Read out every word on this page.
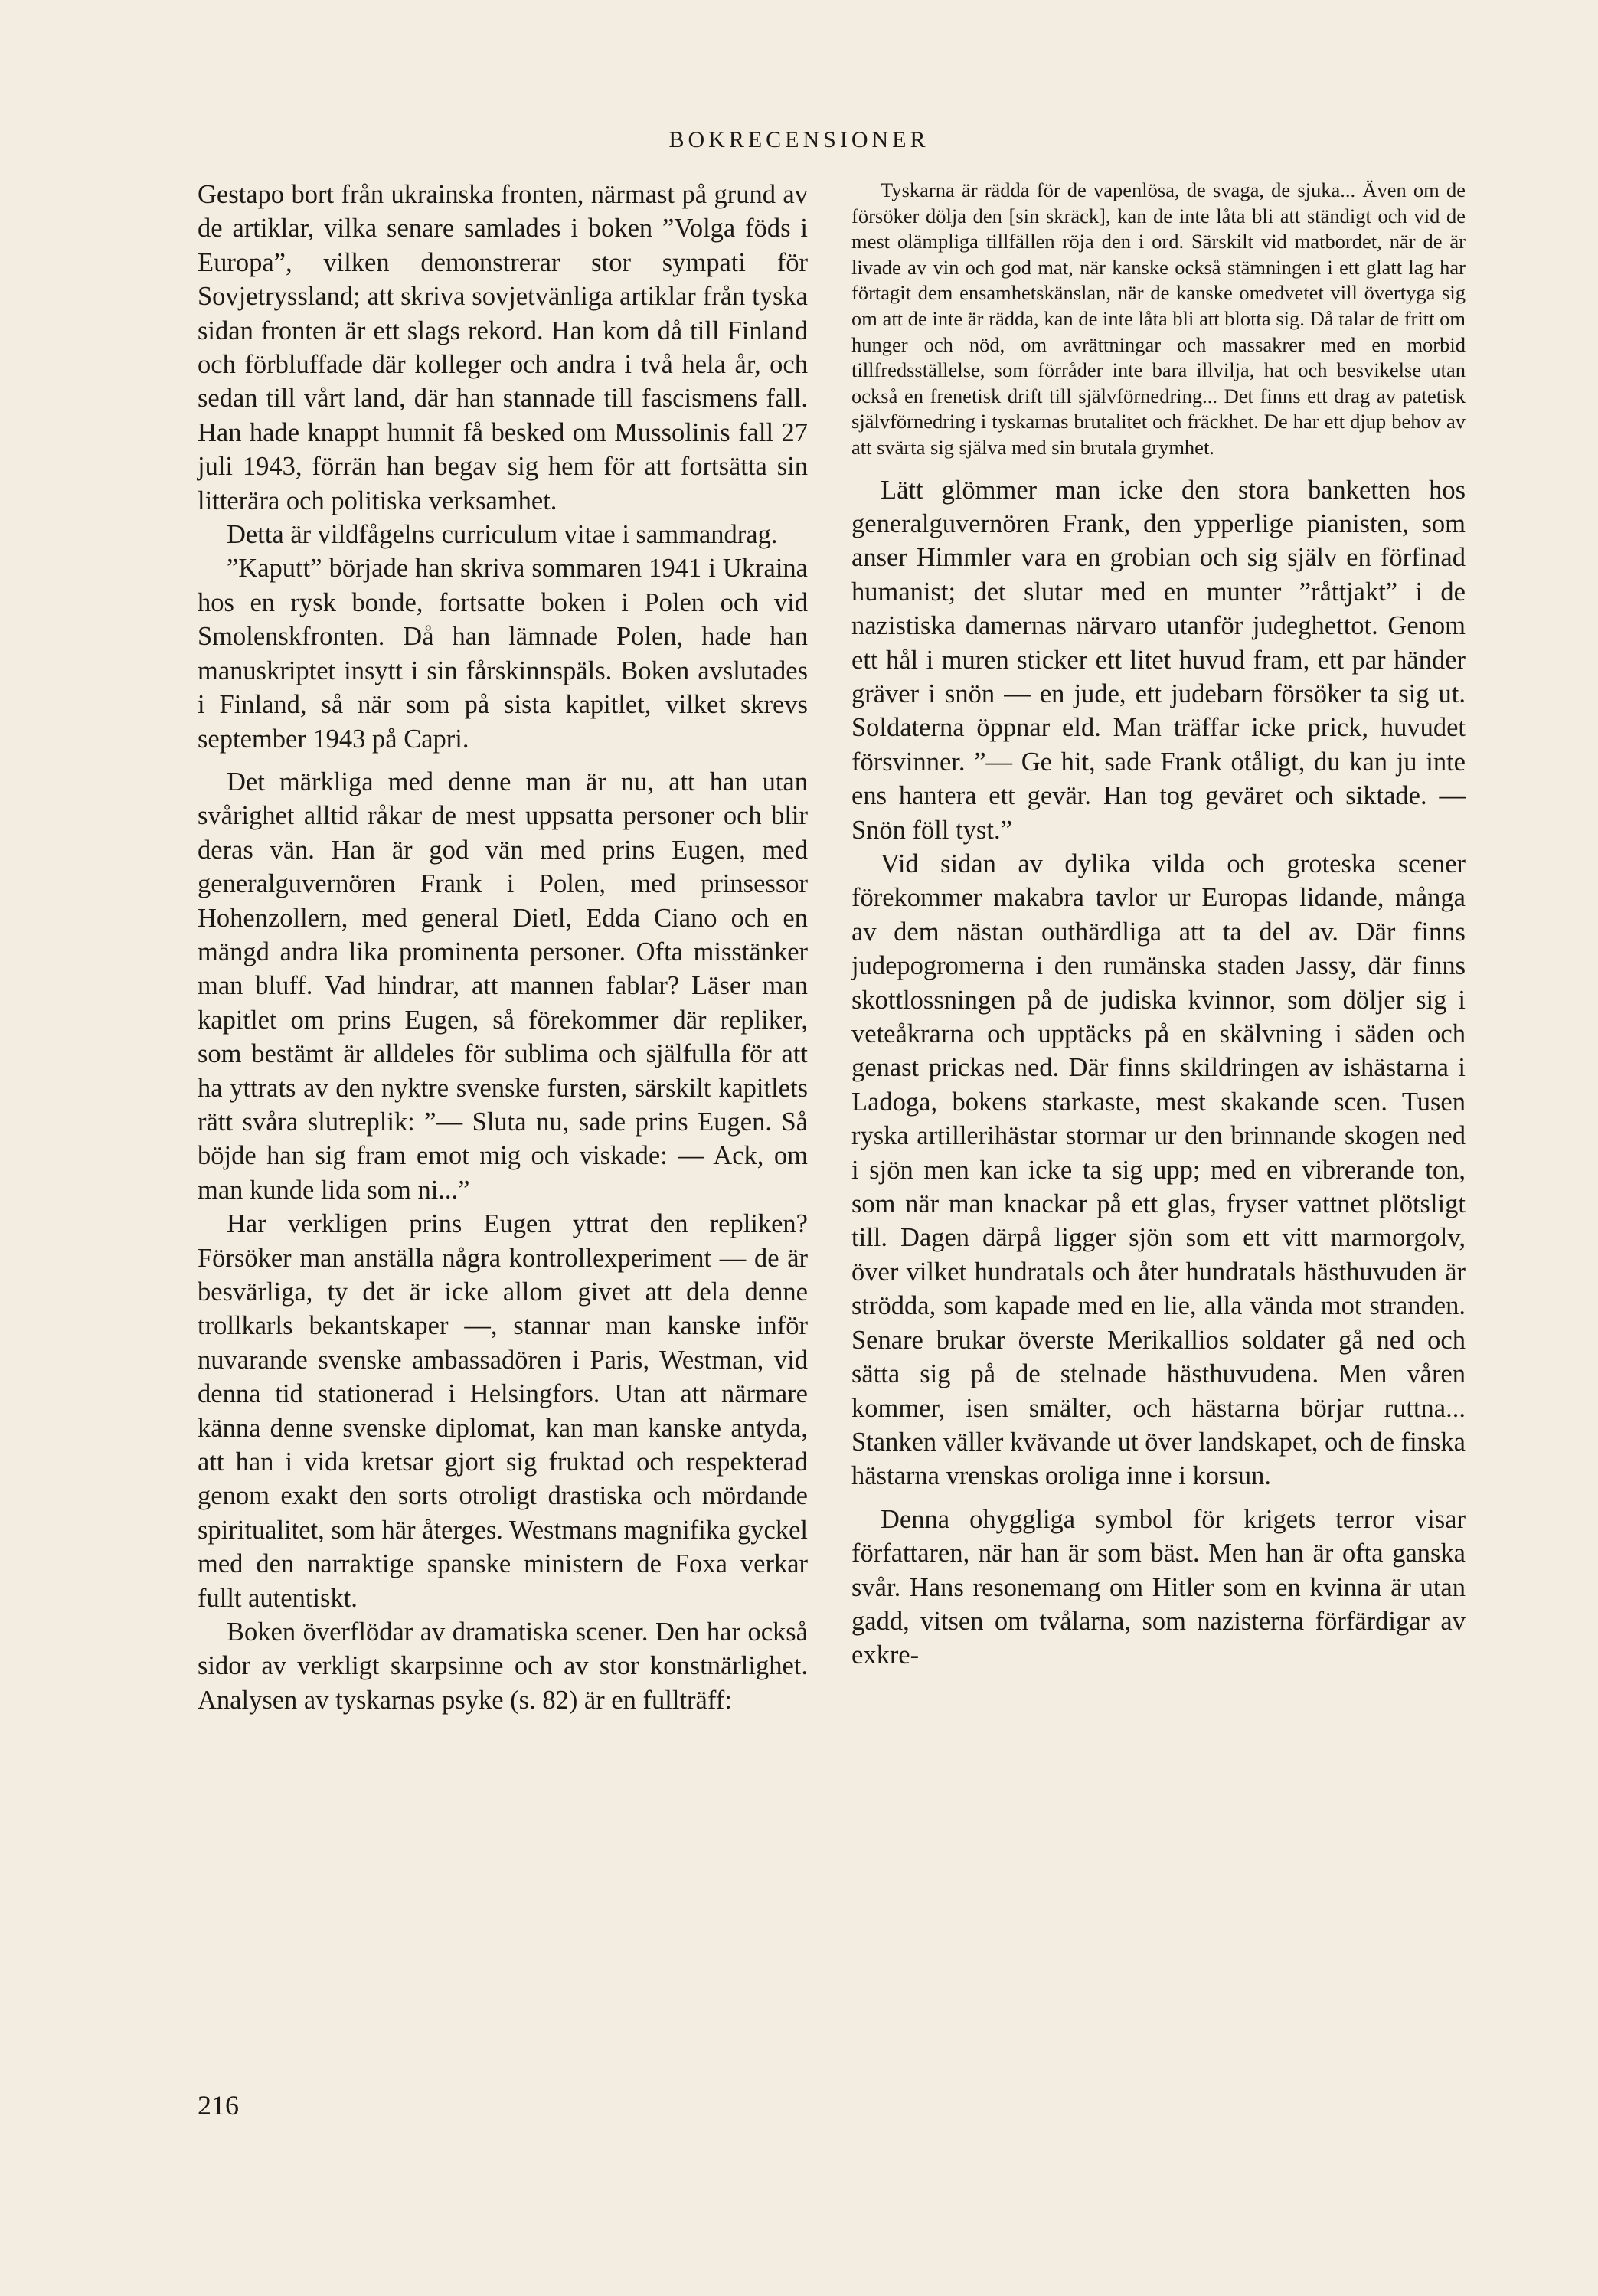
BOKRECENSIONER

Gestapo bort från ukrainska fronten, närmast på grund av de artiklar, vilka senare samlades i boken ”Volga föds i Europa”, vilken demonstrerar stor sympati för Sovjetryssland; att skriva sovjetvänliga artiklar från tyska sidan fronten är ett slags rekord. Han kom då till Finland och förbluffade där kolleger och andra i två hela år, och sedan till vårt land, där han stannade till fascismens fall. Han hade knappt hunnit få besked om Mussolinis fall 27 juli 1943, förrän han begav sig hem för att fortsätta sin litterära och politiska verksamhet.

Detta är vildfågelns curriculum vitae i sammandrag.

”Kaputt” började han skriva sommaren 1941 i Ukraina hos en rysk bonde, fortsatte boken i Polen och vid Smolenskfronten. Då han lämnade Polen, hade han manuskriptet insytt i sin fårskinnspäls. Boken avslutades i Finland, så när som på sista kapitlet, vilket skrevs september 1943 på Capri.

Det märkliga med denne man är nu, att han utan svårighet alltid råkar de mest uppsatta personer och blir deras vän. Han är god vän med prins Eugen, med generalguvernören Frank i Polen, med prinsessor Hohenzollern, med general Dietl, Edda Ciano och en mängd andra lika prominenta personer. Ofta misstänker man bluff. Vad hindrar, att mannen fablar? Läser man kapitlet om prins Eugen, så förekommer där repliker, som bestämt är alldeles för sublima och själfulla för att ha yttrats av den nyktre svenske fursten, särskilt kapitlets rätt svåra slutreplik: ”— Sluta nu, sade prins Eugen. Så böjde han sig fram emot mig och viskade: — Ack, om man kunde lida som ni...”

Har verkligen prins Eugen yttrat den repliken? Försöker man anställa några kontrollexperiment — de är besvärliga, ty det är icke allom givet att dela denne trollkarls bekantskaper —, stannar man kanske inför nuvarande svenske ambassadören i Paris, Westman, vid denna tid stationerad i Helsingfors. Utan att närmare känna denne svenske diplomat, kan man kanske antyda, att han i vida kretsar gjort sig fruktad och respekterad genom exakt den sorts otroligt drastiska och mördande spiritualitet, som här återges. Westmans magnifika gyckel med den narraktige spanske ministern de Foxa verkar fullt autentiskt.

Boken överflödar av dramatiska scener. Den har också sidor av verkligt skarpsinne och av stor konstnärlighet. Analysen av tyskarnas psyke (s. 82) är en fullträff:

Tyskarna är rädda för de vapenlösa, de svaga, de sjuka... Även om de försöker dölja den [sin skräck], kan de inte låta bli att ständigt och vid de mest olämpliga tillfällen röja den i ord. Särskilt vid matbordet, när de är livade av vin och god mat, när kanske också stämningen i ett glatt lag har förtagit dem ensamhetskänslan, när de kanske omedvetet vill övertyga sig om att de inte är rädda, kan de inte låta bli att blotta sig. Då talar de fritt om hunger och nöd, om avrättningar och massakrer med en morbid tillfredsställelse, som förråder inte bara illvilja, hat och besvikelse utan också en frenetisk drift till självförnedring... Det finns ett drag av patetisk självförnedring i tyskarnas brutalitet och fräckhet. De har ett djup behov av att svärta sig själva med sin brutala grymhet.

Lätt glömmer man icke den stora banketten hos generalguvernören Frank, den ypperlige pianisten, som anser Himmler vara en grobian och sig själv en förfinad humanist; det slutar med en munter ”råttjakt” i de nazistiska damernas närvaro utanför judeghettot. Genom ett hål i muren sticker ett litet huvud fram, ett par händer gräver i snön — en jude, ett judebarn försöker ta sig ut. Soldaterna öppnar eld. Man träffar icke prick, huvudet försvinner. ”— Ge hit, sade Frank otåligt, du kan ju inte ens hantera ett gevär. Han tog geväret och siktade. — Snön föll tyst.”

Vid sidan av dylika vilda och groteska scener förekommer makabra tavlor ur Europas lidande, många av dem nästan outhärdliga att ta del av. Där finns judepogromerna i den rumänska staden Jassy, där finns skottlossningen på de judiska kvinnor, som döljer sig i veteåkrarna och upptäcks på en skälvning i säden och genast prickas ned. Där finns skildringen av ishästarna i Ladoga, bokens starkaste, mest skakande scen. Tusen ryska artillerihästar stormar ur den brinnande skogen ned i sjön men kan icke ta sig upp; med en vibrerande ton, som när man knackar på ett glas, fryser vattnet plötsligt till. Dagen därpå ligger sjön som ett vitt marmorgolv, över vilket hundratals och åter hundratals hästhuvuden är strödda, som kapade med en lie, alla vända mot stranden. Senare brukar överste Merikallios soldater gå ned och sätta sig på de stelnade hästhuvudena. Men våren kommer, isen smälter, och hästarna börjar ruttna... Stanken väller kvävande ut över landskapet, och de finska hästarna vrenskas oroliga inne i korsun.

Denna ohyggliga symbol för krigets terror visar författaren, när han är som bäst. Men han är ofta ganska svår. Hans resonemang om Hitler som en kvinna är utan gadd, vitsen om tvålarna, som nazisterna förfärdigar av exkre-

216
